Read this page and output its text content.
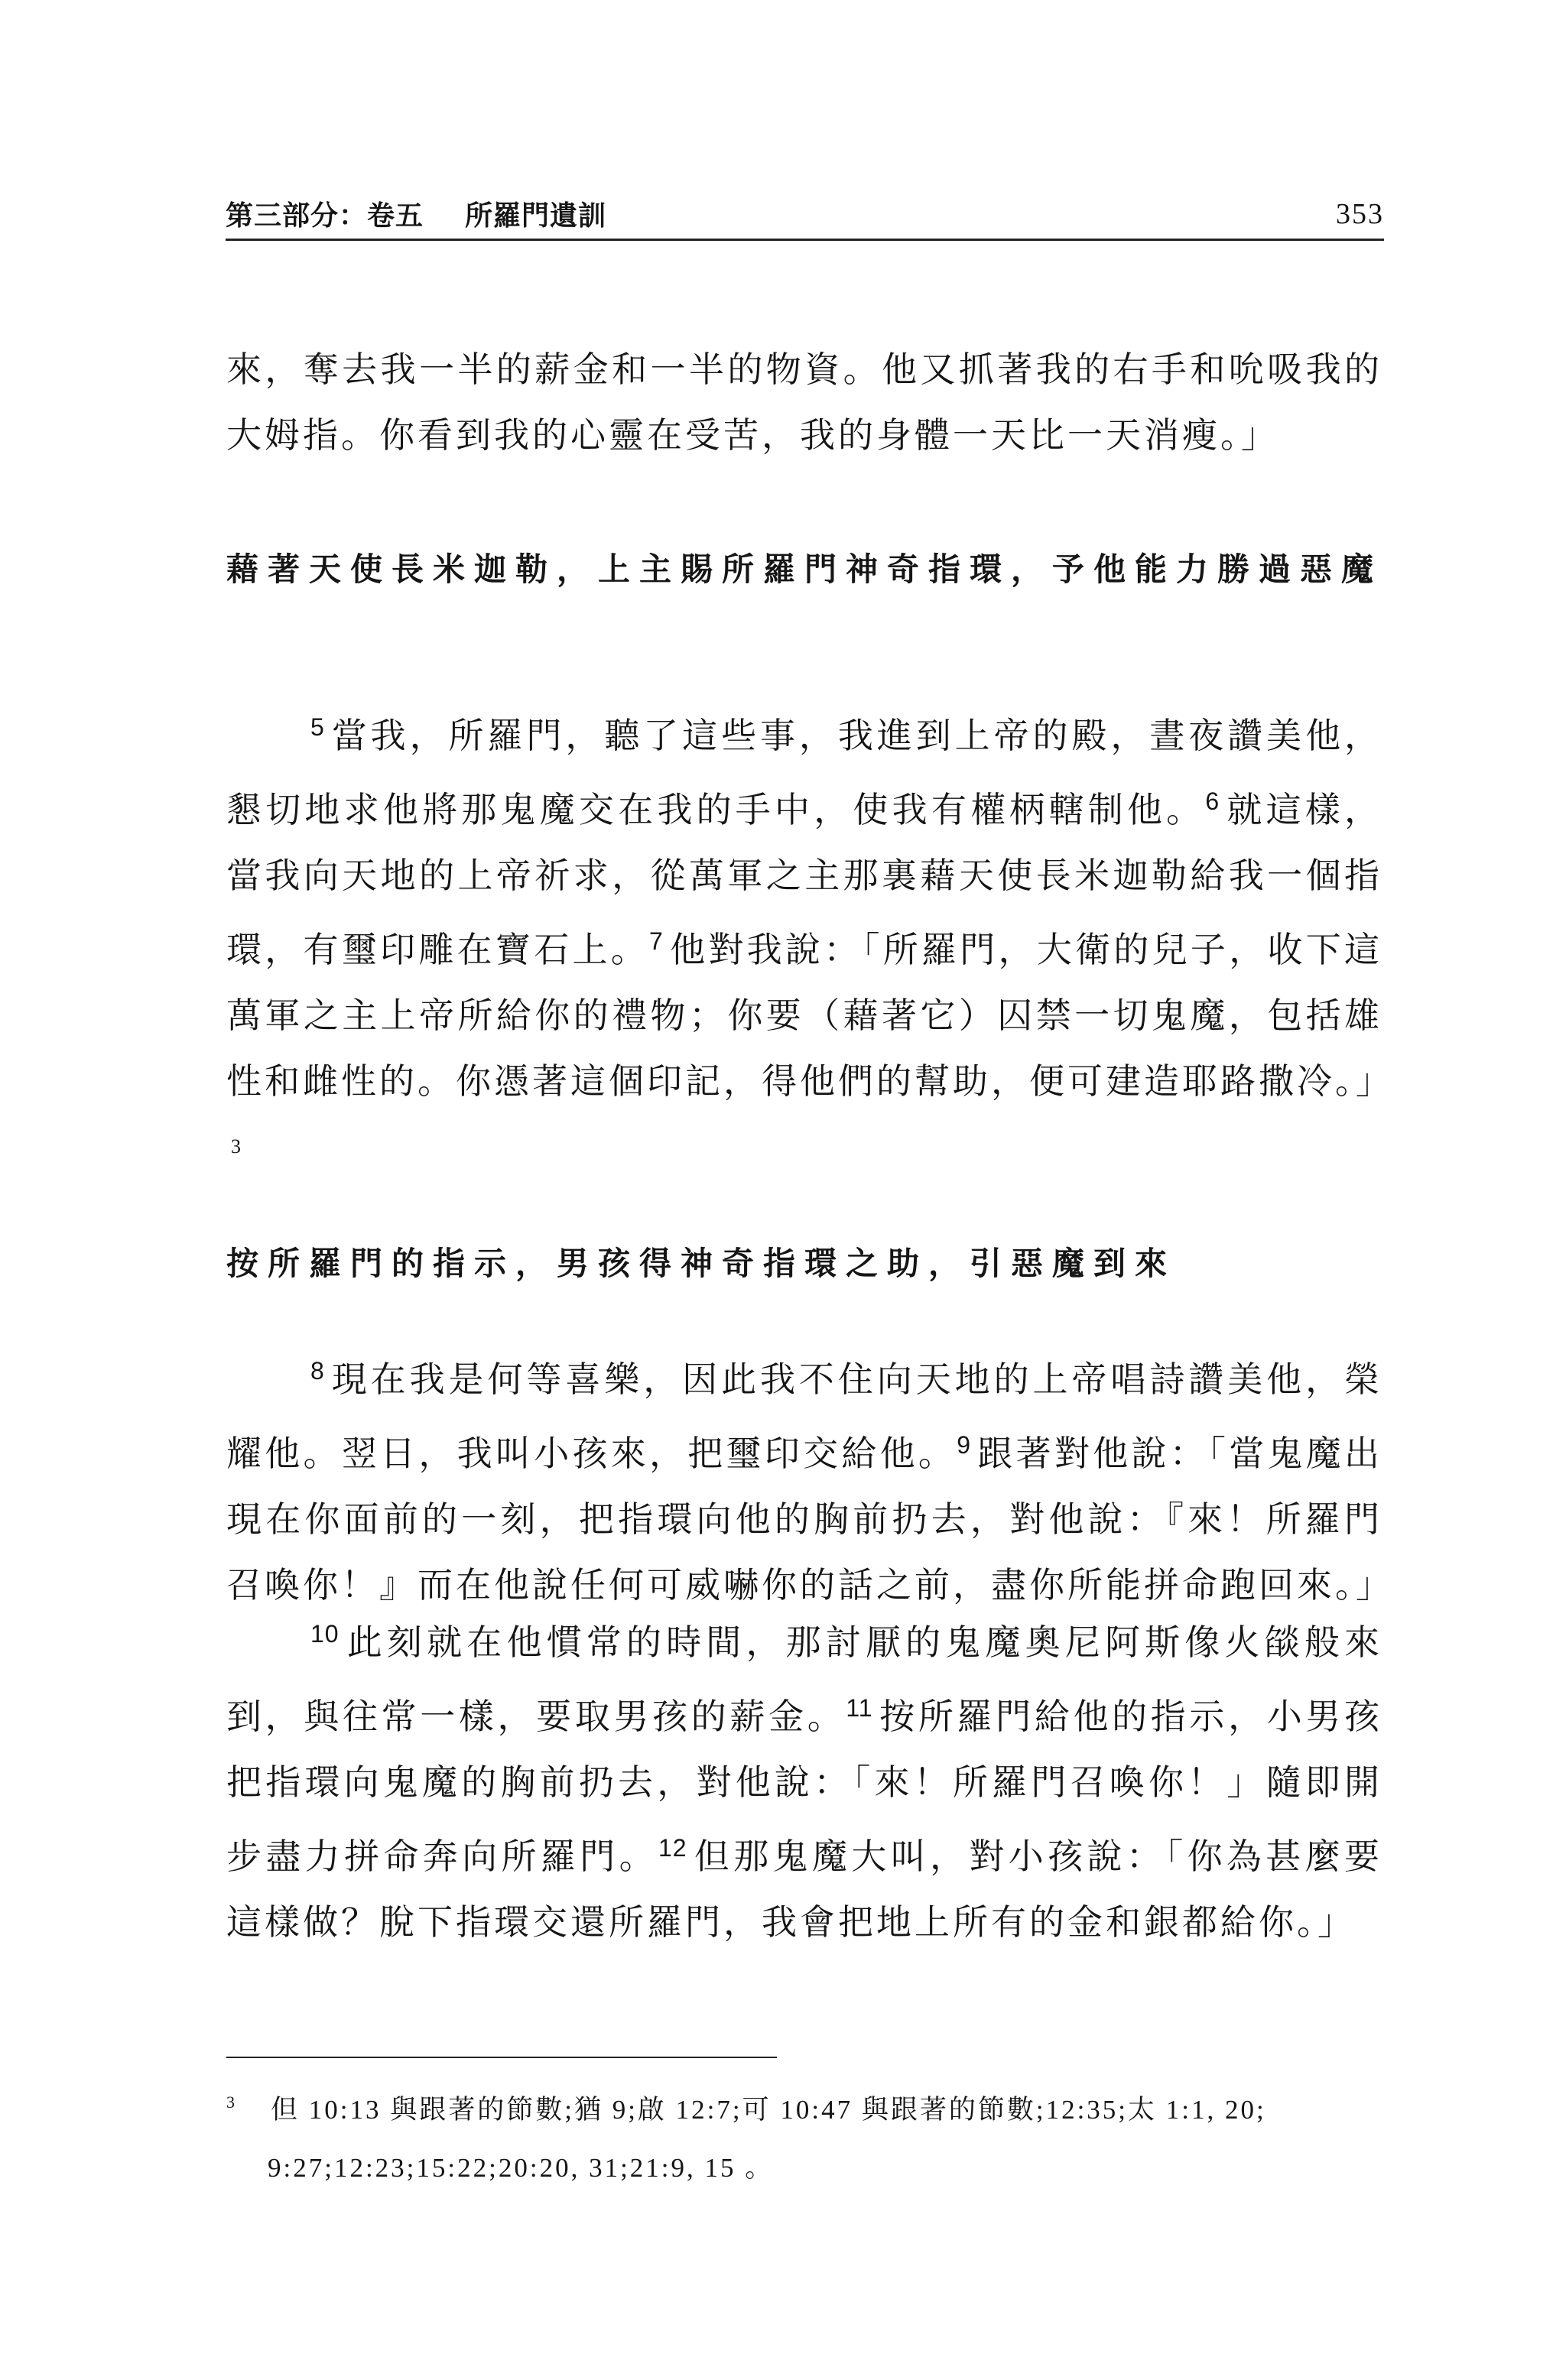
第三部分：卷五 所羅門遺訓	353

來，奪去我一半的薪金和一半的物資。他又抓著我的右手和吮吸我的大姆指。你看到我的心靈在受苦，我的身體一天比一天消瘦。」

藉著天使長米迦勒，上主賜所羅門神奇指環，予他能力勝過惡魔

$^5$ 當我，所羅門，聽了這些事，我進到上帝的殿，晝夜讚美他，懇切地求他將那鬼魔交在我的手中，使我有權柄轄制他。$^6$ 就這樣，當我向天地的上帝祈求，從萬軍之主那裏藉天使長米迦勒給我一個指環，有璽印雕在寶石上。$^7$ 他對我說：「所羅門，大衛的兒子，收下這萬軍之主上帝所給你的禮物；你要（藉著它）囚禁一切鬼魔，包括雄性和雌性的。你憑著這個印記，得他們的幫助，便可建造耶路撒冷。」$^3$

按所羅門的指示，男孩得神奇指環之助，引惡魔到來

$^8$ 現在我是何等喜樂，因此我不住向天地的上帝唱詩讚美他，榮耀他。翌日，我叫小孩來，把璽印交給他。$^9$ 跟著對他說：「當鬼魔出現在你面前的一刻，把指環向他的胸前扔去，對他說：『來！所羅門召喚你！』而在他說任何可威嚇你的話之前，盡你所能拼命跑回來。」

$^{10}$ 此刻就在他慣常的時間，那討厭的鬼魔奧尼阿斯像火燄般來到，與往常一樣，要取男孩的薪金。$^{11}$ 按所羅門給他的指示，小男孩把指環向鬼魔的胸前扔去，對他說：「來！所羅門召喚你！」隨即開步盡力拼命奔向所羅門。$^{12}$ 但那鬼魔大叫，對小孩說：「你為甚麼要這樣做？脫下指環交還所羅門，我會把地上所有的金和銀都給你。」

$^3$ 但 10:13 與跟著的節數;猶 9;啟 12:7;可 10:47 與跟著的節數;12:35;太 1:1, 20;
9:27;12:23;15:22;20:20, 31;21:9, 15 。
